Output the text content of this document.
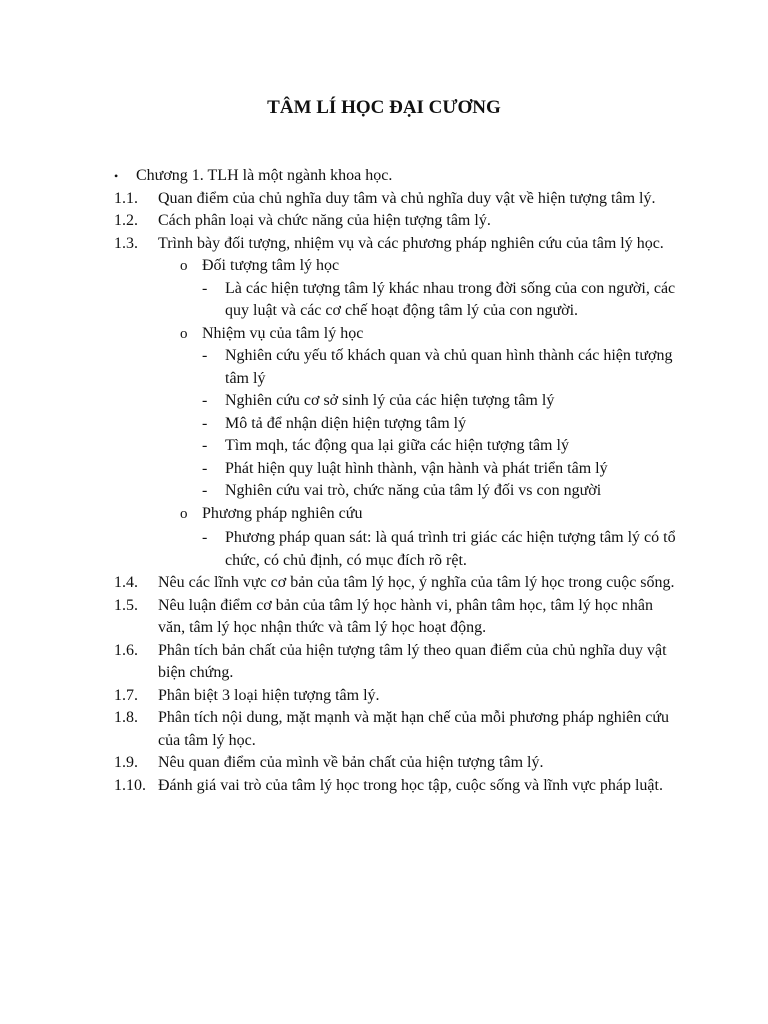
TÂM LÍ HỌC ĐẠI CƯƠNG
•	Chương 1. TLH là một ngành khoa học.
1.1.	Quan điểm của chủ nghĩa duy tâm và chủ nghĩa duy vật về hiện tượng tâm lý.
1.2.	Cách phân loại và chức năng của hiện tượng tâm lý.
1.3.	Trình bày đối tượng, nhiệm vụ và các phương pháp nghiên cứu của tâm lý học.
o Đối tượng tâm lý học
-	Là các hiện tượng tâm lý khác nhau trong đời sống của con người, các quy luật và các cơ chế hoạt động tâm lý của con người.
o Nhiệm vụ của tâm lý học
-	Nghiên cứu yếu tố khách quan và chủ quan hình thành các hiện tượng tâm lý
-	Nghiên cứu cơ sở sinh lý của các hiện tượng tâm lý
-	Mô tả để nhận diện hiện tượng tâm lý
-	Tìm mqh, tác động qua lại giữa các hiện tượng tâm lý
-	Phát hiện quy luật hình thành, vận hành và phát triển tâm lý
-	Nghiên cứu vai trò, chức năng của tâm lý đối vs con người
o Phương pháp nghiên cứu
-	Phương pháp quan sát: là quá trình tri giác các hiện tượng tâm lý có tổ chức, có chủ định, có mục đích rõ rệt.
1.4.	Nêu các lĩnh vực cơ bản của tâm lý học, ý nghĩa của tâm lý học trong cuộc sống.
1.5.	Nêu luận điểm cơ bản của tâm lý học hành vi, phân tâm học, tâm lý học nhân văn, tâm lý học nhận thức và tâm lý học hoạt động.
1.6.	Phân tích bản chất của hiện tượng tâm lý theo quan điểm của chủ nghĩa duy vật biện chứng.
1.7.	Phân biệt 3 loại hiện tượng tâm lý.
1.8.	Phân tích nội dung, mặt mạnh và mặt hạn chế của mỗi phương pháp nghiên cứu của tâm lý học.
1.9.	Nêu quan điểm của mình về bản chất của hiện tượng tâm lý.
1.10. Đánh giá vai trò của tâm lý học trong học tập, cuộc sống và lĩnh vực pháp luật.
